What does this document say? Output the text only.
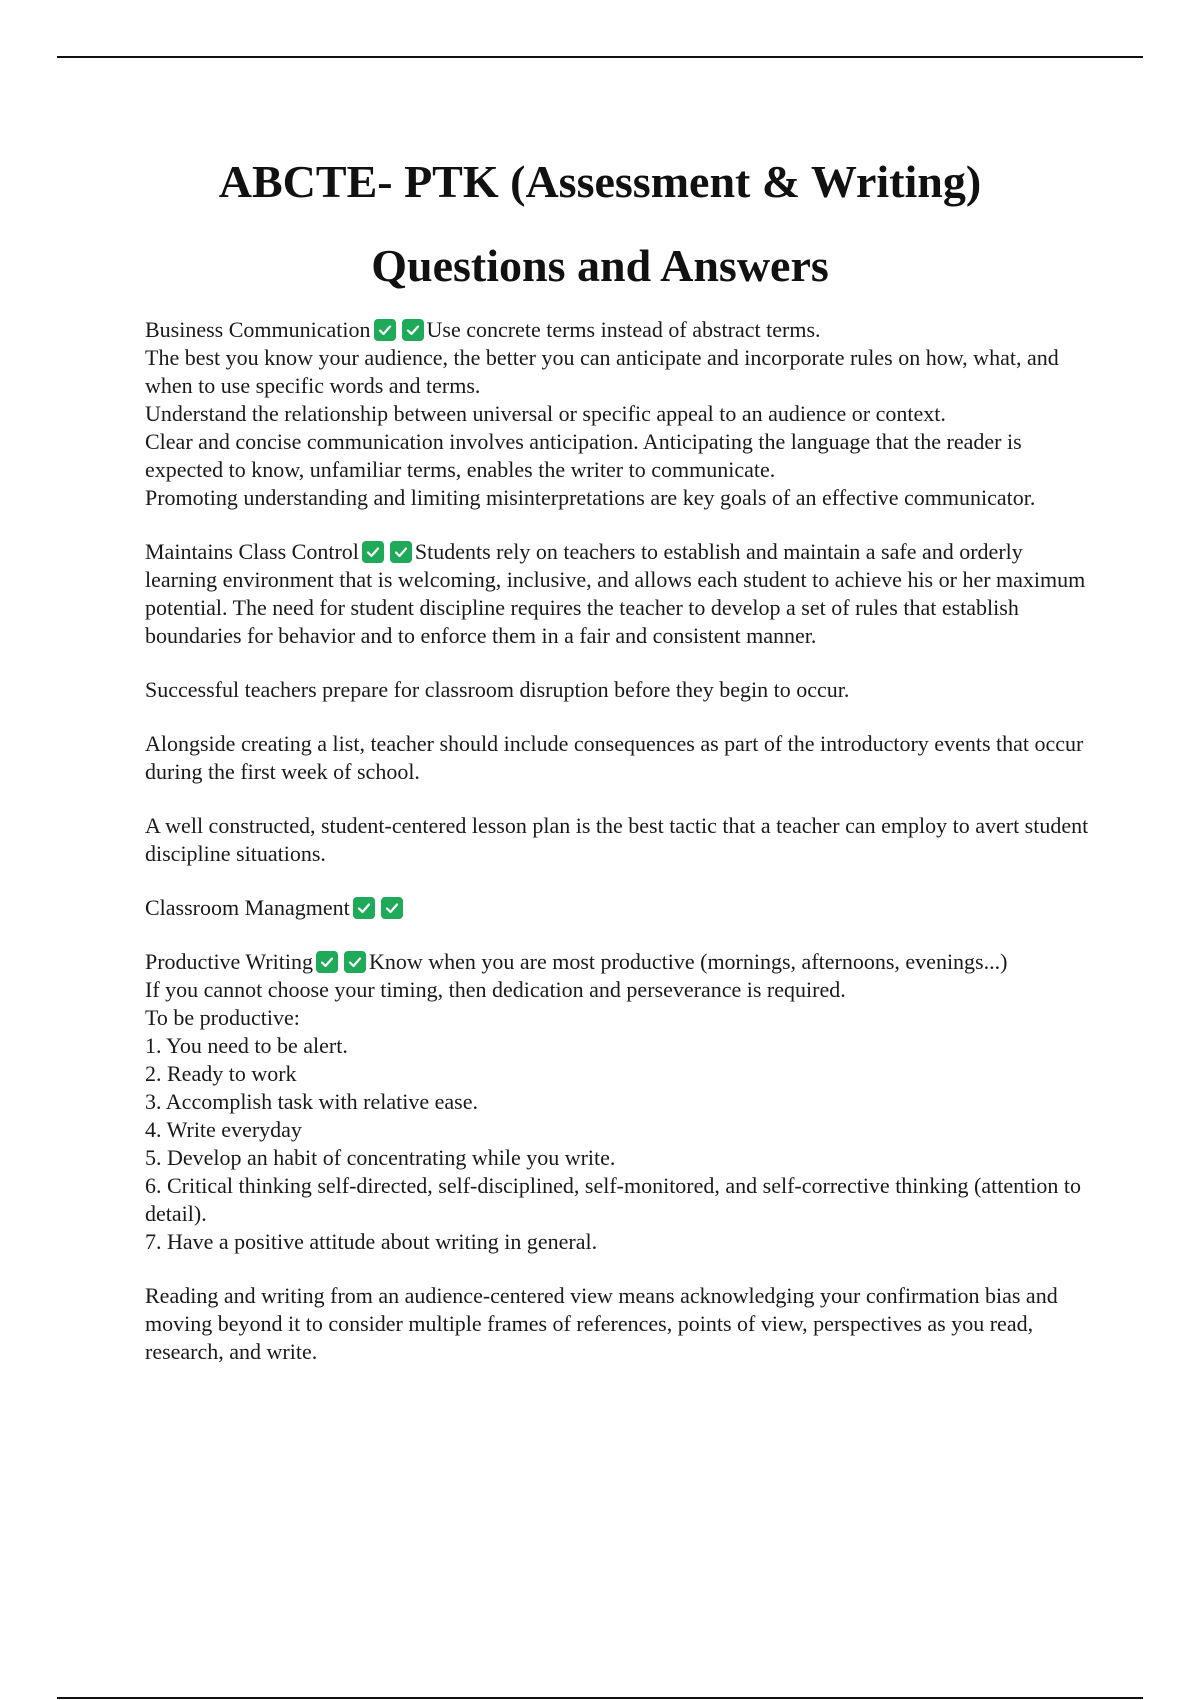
ABCTE- PTK (Assessment & Writing)
Questions and Answers
Business Communication	Use concrete terms instead of abstract terms.
The best you know your audience, the better you can anticipate and incorporate rules on how, what, and when to use specific words and terms.
Understand the relationship between universal or specific appeal to an audience or context.
Clear and concise communication involves anticipation. Anticipating the language that the reader is expected to know, unfamiliar terms, enables the writer to communicate.
Promoting understanding and limiting misinterpretations are key goals of an effective communicator.
Maintains Class Control	Students rely on teachers to establish and maintain a safe and orderly learning environment that is welcoming, inclusive, and allows each student to achieve his or her maximum potential. The need for student discipline requires the teacher to develop a set of rules that establish boundaries for behavior and to enforce them in a fair and consistent manner.
Successful teachers prepare for classroom disruption before they begin to occur.
Alongside creating a list, teacher should include consequences as part of the introductory events that occur during the first week of school.
A well constructed, student-centered lesson plan is the best tactic that a teacher can employ to avert student discipline situations.
Classroom Managment
Productive Writing	Know when you are most productive (mornings, afternoons, evenings...)
If you cannot choose your timing, then dedication and perseverance is required.
To be productive:
1. You need to be alert.
2. Ready to work
3. Accomplish task with relative ease.
4. Write everyday
5. Develop an habit of concentrating while you write.
6. Critical thinking self-directed, self-disciplined, self-monitored, and self-corrective thinking (attention to detail).
7. Have a positive attitude about writing in general.
Reading and writing from an audience-centered view means acknowledging your confirmation bias and moving beyond it to consider multiple frames of references, points of view, perspectives as you read, research, and write.
